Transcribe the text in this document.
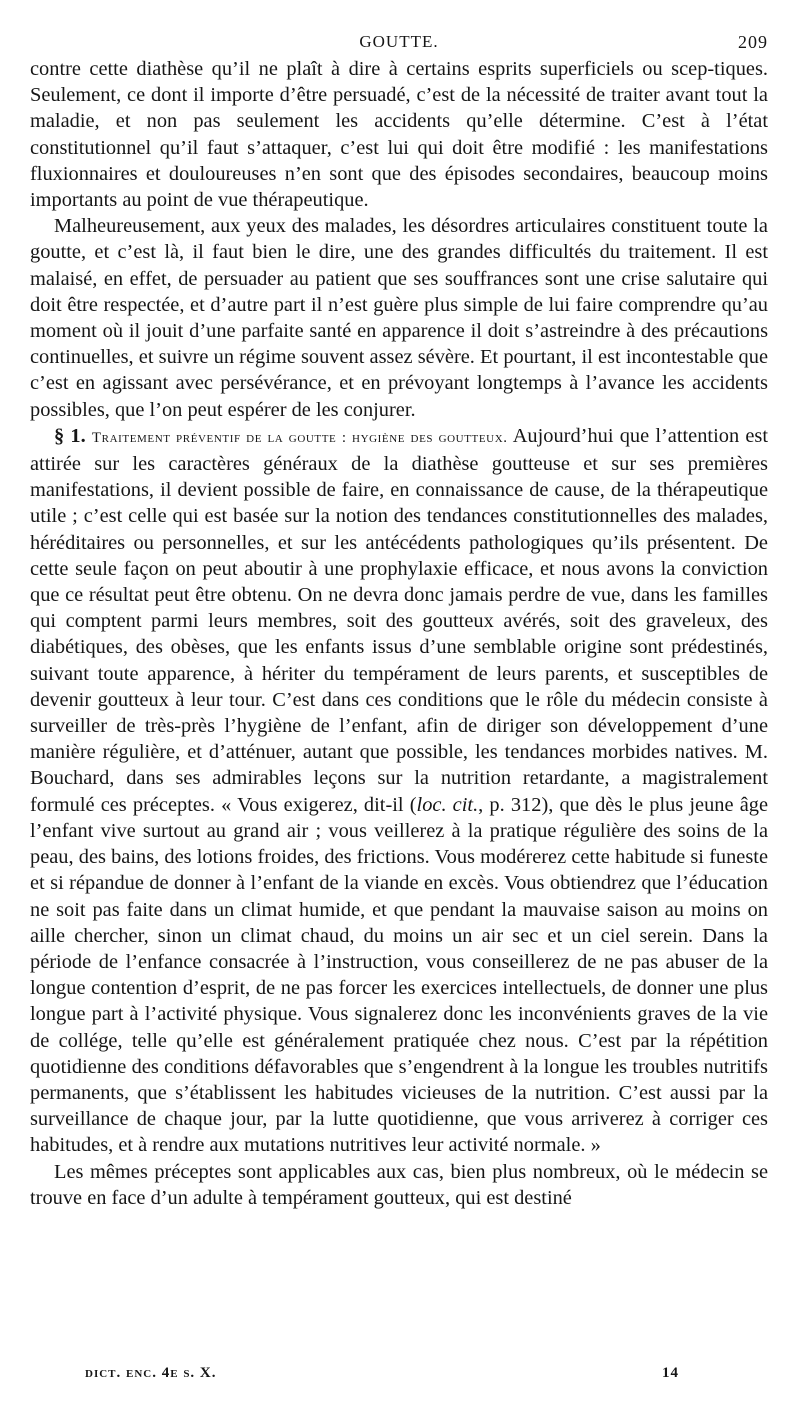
GOUTTE.	209

contre cette diathèse qu’il ne plaît à dire à certains esprits superficiels ou scep-tiques. Seulement, ce dont il importe d’être persuadé, c’est de la nécessité de traiter avant tout la maladie, et non pas seulement les accidents qu’elle détermine. C’est à l’état constitutionnel qu’il faut s’attaquer, c’est lui qui doit être modifié : les manifestations fluxionnaires et douloureuses n’en sont que des épisodes secondaires, beaucoup moins importants au point de vue thérapeutique.

Malheureusement, aux yeux des malades, les désordres articulaires constituent toute la goutte, et c’est là, il faut bien le dire, une des grandes difficultés du traitement. Il est malaisé, en effet, de persuader au patient que ses souffrances sont une crise salutaire qui doit être respectée, et d’autre part il n’est guère plus simple de lui faire comprendre qu’au moment où il jouit d’une parfaite santé en apparence il doit s’astreindre à des précautions continuelles, et suivre un régime souvent assez sévère. Et pourtant, il est incontestable que c’est en agissant avec persévérance, et en prévoyant longtemps à l’avance les accidents possibles, que l’on peut espérer de les conjurer.

§ 1. Traitement préventif de la goutte : hygiène des goutteux. Aujourd’hui que l’attention est attirée sur les caractères généraux de la diathèse goutteuse et sur ses premières manifestations, il devient possible de faire, en connaissance de cause, de la thérapeutique utile ; c’est celle qui est basée sur la notion des tendances constitutionnelles des malades, héréditaires ou personnelles, et sur les antécédents pathologiques qu’ils présentent. De cette seule façon on peut aboutir à une prophylaxie efficace, et nous avons la conviction que ce résultat peut être obtenu. On ne devra donc jamais perdre de vue, dans les familles qui comptent parmi leurs membres, soit des goutteux avérés, soit des graveleux, des diabétiques, des obèses, que les enfants issus d’une semblable origine sont prédestinés, suivant toute apparence, à hériter du tempérament de leurs parents, et susceptibles de devenir goutteux à leur tour. C’est dans ces conditions que le rôle du médecin consiste à surveiller de très-près l’hygiène de l’enfant, afin de diriger son développement d’une manière régulière, et d’atténuer, autant que possible, les tendances morbides natives. M. Bouchard, dans ses admirables leçons sur la nutrition retardante, a magistralement formulé ces préceptes. « Vous exigerez, dit-il (loc. cit., p. 312), que dès le plus jeune âge l’enfant vive surtout au grand air ; vous veillerez à la pratique régulière des soins de la peau, des bains, des lotions froides, des frictions. Vous modérerez cette habitude si funeste et si répandue de donner à l’enfant de la viande en excès. Vous obtiendrez que l’éducation ne soit pas faite dans un climat humide, et que pendant la mauvaise saison au moins on aille chercher, sinon un climat chaud, du moins un air sec et un ciel serein. Dans la période de l’enfance consacrée à l’instruction, vous conseillerez de ne pas abuser de la longue contention d’esprit, de ne pas forcer les exercices intellectuels, de donner une plus longue part à l’activité physique. Vous signalerez donc les inconvénients graves de la vie de collége, telle qu’elle est généralement pratiquée chez nous. C’est par la répétition quotidienne des conditions défavorables que s’engendrent à la longue les troubles nutritifs permanents, que s’établissent les habitudes vicieuses de la nutrition. C’est aussi par la surveillance de chaque jour, par la lutte quotidienne, que vous arriverez à corriger ces habitudes, et à rendre aux mutations nutritives leur activité normale. »

Les mêmes préceptes sont applicables aux cas, bien plus nombreux, où le médecin se trouve en face d’un adulte à tempérament goutteux, qui est destiné

dict. enc. 4e s. X.	14
